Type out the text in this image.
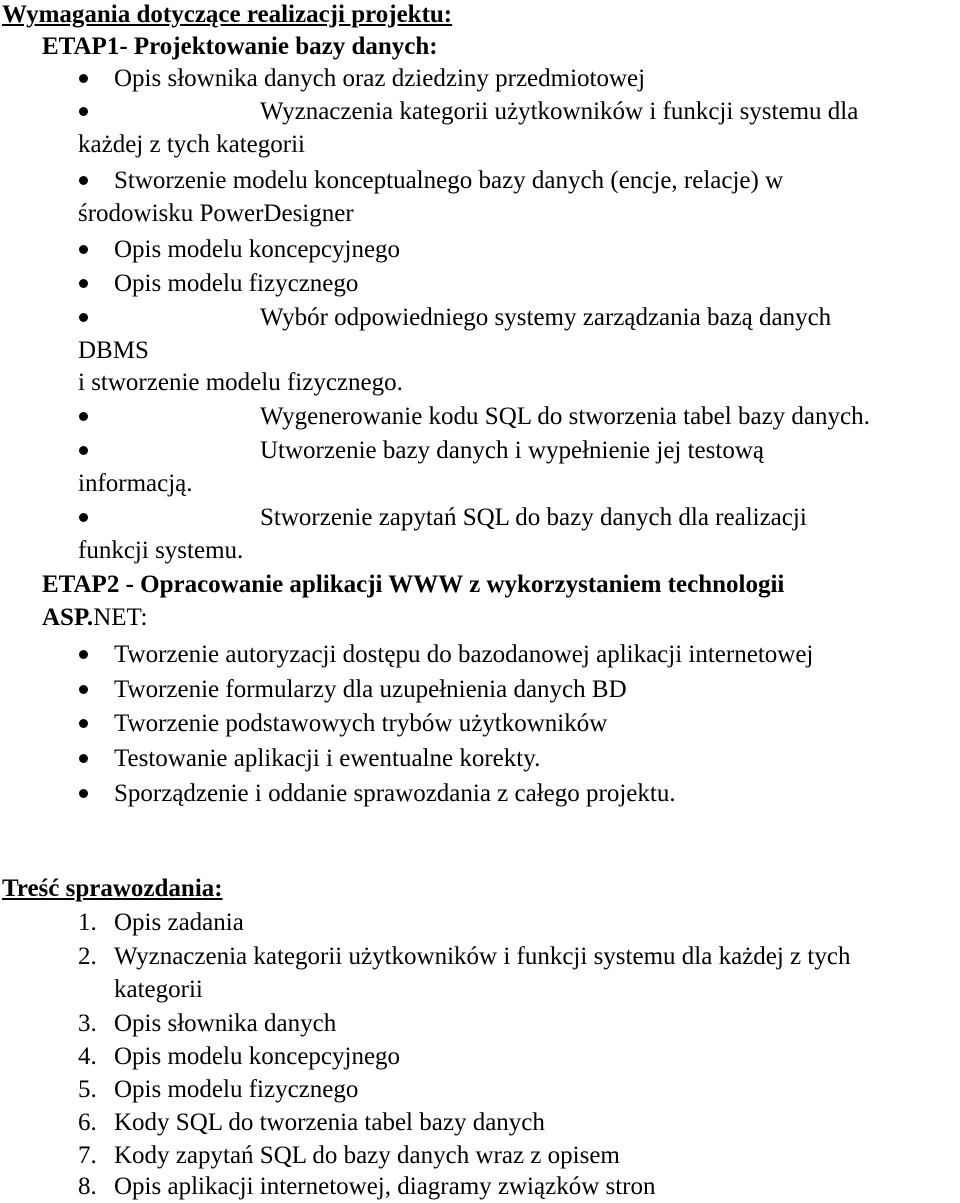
Wymagania dotyczące realizacji projektu:
ETAP1- Projektowanie bazy danych:
Opis słownika danych oraz dziedziny przedmiotowej
Wyznaczenia kategorii użytkowników i funkcji systemu dla
każdej z tych kategorii
Stworzenie modelu konceptualnego bazy danych (encje, relacje) w
środowisku PowerDesigner
Opis modelu koncepcyjnego
Opis modelu fizycznego
Wybór odpowiedniego systemy zarządzania bazą danych
DBMS
i stworzenie modelu fizycznego.
Wygenerowanie kodu SQL do stworzenia tabel bazy danych.
Utworzenie bazy danych i wypełnienie jej testową
informacją.
Stworzenie zapytań SQL do bazy danych dla realizacji
funkcji systemu.
ETAP2 - Opracowanie aplikacji WWW z wykorzystaniem technologii
ASP.NET:
Tworzenie autoryzacji dostępu do bazodanowej aplikacji internetowej
Tworzenie formularzy dla uzupełnienia danych BD
Tworzenie podstawowych trybów użytkowników
Testowanie aplikacji i ewentualne korekty.
Sporządzenie i oddanie sprawozdania z całego projektu.
Treść sprawozdania:
1. Opis zadania
2. Wyznaczenia kategorii użytkowników i funkcji systemu dla każdej z tych
kategorii
3. Opis słownika danych
4. Opis modelu koncepcyjnego
5. Opis modelu fizycznego
6. Kody SQL do tworzenia tabel bazy danych
7. Kody zapytań SQL do bazy danych wraz z opisem
8. Opis aplikacji internetowej, diagramy związków stron
